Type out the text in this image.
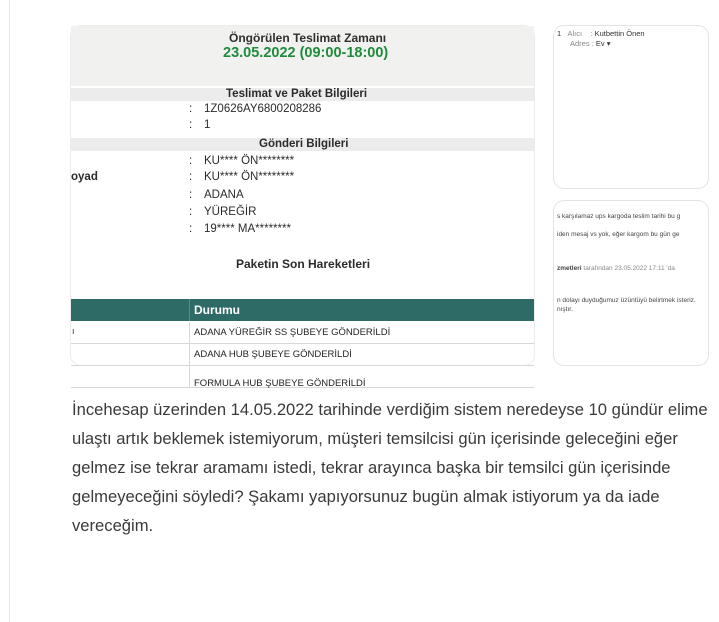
Öngörülen Teslimat Zamanı
23.05.2022 (09:00-18:00)
Teslimat ve Paket Bilgileri
: 1Z0626AY6800208286
: 1
Gönderi Bilgileri
: KU**** ÖN********
oyad	: KU**** ÖN********
: ADANA
: YÜREĞİR
: 19**** MA********
Paketin Son Hareketleri
Durumu
ı	ADANA YÜREĞİR SS ŞUBEYE GÖNDERİLDİ
ADANA HUB ŞUBEYE GÖNDERİLDİ
FORMULA HUB ŞUBEYE GÖNDERİLDİ
1 Alıcı : Kutbettin Önen
Adres : Ev ▾
s karşılamaz ups kargoda teslim tarihi bu g
iden mesaj vs yok, eğer kargom bu gün ge
zmetleri tarafından 23.05.2022 17:11 'da
n dolayı duyduğumuz üzüntüyü belirtmek isteriz.
nıştır.

İncehesap üzerinden 14.05.2022 tarihinde verdiğim sistem neredeyse 10 gündür elime ulaştı artık beklemek istemiyorum, müşteri temsilcisi gün içerisinde geleceğini eğer gelmez ise tekrar aramamı istedi, tekrar arayınca başka bir temsilci gün içerisinde gelmeyeceğini söyledi? Şakamı yapıyorsunuz bugün almak istiyorum ya da iade vereceğim.
